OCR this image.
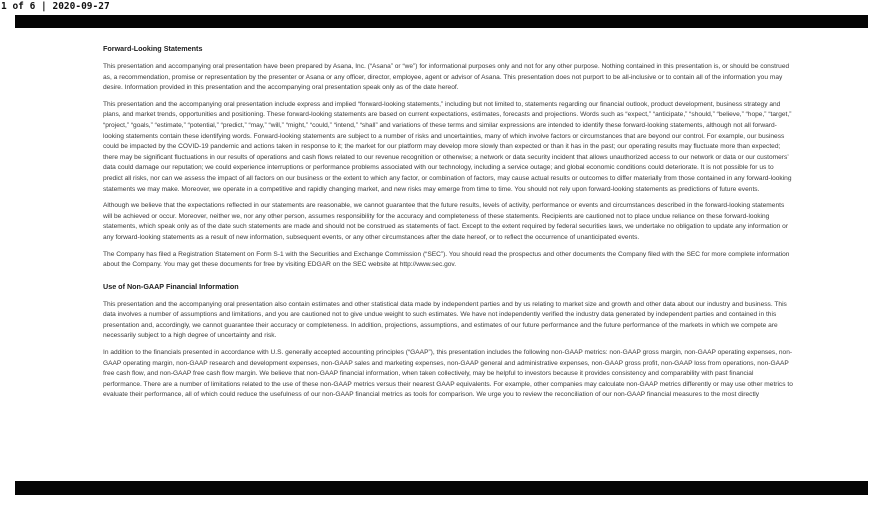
1 of 6 | 2020-09-27
Forward-Looking Statements

This presentation and accompanying oral presentation have been prepared by Asana, Inc. (“Asana” or “we”) for informational purposes only and not for any other purpose. Nothing contained in this presentation is, or should be construed as, a recommendation, promise or representation by the presenter or Asana or any officer, director, employee, agent or advisor of Asana. This presentation does not purport to be all-inclusive or to contain all of the information you may desire. Information provided in this presentation and the accompanying oral presentation speak only as of the date hereof.

This presentation and the accompanying oral presentation include express and implied “forward-looking statements,” including but not limited to, statements regarding our financial outlook, product development, business strategy and plans, and market trends, opportunities and positioning. These forward-looking statements are based on current expectations, estimates, forecasts and projections. Words such as “expect,” “anticipate,” “should,” “believe,” “hope,” “target,” “project,” “goals,” “estimate,” “potential,” “predict,” “may,” “will,” “might,” “could,” “intend,” “shall” and variations of these terms and similar expressions are intended to identify these forward-looking statements, although not all forward-looking statements contain these identifying words. Forward-looking statements are subject to a number of risks and uncertainties, many of which involve factors or circumstances that are beyond our control. For example, our business could be impacted by the COVID-19 pandemic and actions taken in response to it; the market for our platform may develop more slowly than expected or than it has in the past; our operating results may fluctuate more than expected; there may be significant fluctuations in our results of operations and cash flows related to our revenue recognition or otherwise; a network or data security incident that allows unauthorized access to our network or data or our customers’ data could damage our reputation; we could experience interruptions or performance problems associated with our technology, including a service outage; and global economic conditions could deteriorate. It is not possible for us to predict all risks, nor can we assess the impact of all factors on our business or the extent to which any factor, or combination of factors, may cause actual results or outcomes to differ materially from those contained in any forward-looking statements we may make. Moreover, we operate in a competitive and rapidly changing market, and new risks may emerge from time to time. You should not rely upon forward-looking statements as predictions of future events.

Although we believe that the expectations reflected in our statements are reasonable, we cannot guarantee that the future results, levels of activity, performance or events and circumstances described in the forward-looking statements will be achieved or occur. Moreover, neither we, nor any other person, assumes responsibility for the accuracy and completeness of these statements. Recipients are cautioned not to place undue reliance on these forward-looking statements, which speak only as of the date such statements are made and should not be construed as statements of fact. Except to the extent required by federal securities laws, we undertake no obligation to update any information or any forward-looking statements as a result of new information, subsequent events, or any other circumstances after the date hereof, or to reflect the occurrence of unanticipated events.

The Company has filed a Registration Statement on Form S-1 with the Securities and Exchange Commission (“SEC”). You should read the prospectus and other documents the Company filed with the SEC for more complete information about the Company. You may get these documents for free by visiting EDGAR on the SEC website at http://www.sec.gov.

Use of Non-GAAP Financial Information

This presentation and the accompanying oral presentation also contain estimates and other statistical data made by independent parties and by us relating to market size and growth and other data about our industry and business. This data involves a number of assumptions and limitations, and you are cautioned not to give undue weight to such estimates. We have not independently verified the industry data generated by independent parties and contained in this presentation and, accordingly, we cannot guarantee their accuracy or completeness. In addition, projections, assumptions, and estimates of our future performance and the future performance of the markets in which we compete are necessarily subject to a high degree of uncertainty and risk.

In addition to the financials presented in accordance with U.S. generally accepted accounting principles (“GAAP”), this presentation includes the following non-GAAP metrics: non-GAAP gross margin, non-GAAP operating expenses, non-GAAP operating margin, non-GAAP research and development expenses, non-GAAP sales and marketing expenses, non-GAAP general and administrative expenses, non-GAAP gross profit, non-GAAP loss from operations, non-GAAP free cash flow, and non-GAAP free cash flow margin. We believe that non-GAAP financial information, when taken collectively, may be helpful to investors because it provides consistency and comparability with past financial performance. There are a number of limitations related to the use of these non-GAAP metrics versus their nearest GAAP equivalents. For example, other companies may calculate non-GAAP metrics differently or may use other metrics to evaluate their performance, all of which could reduce the usefulness of our non-GAAP financial metrics as tools for comparison. We urge you to review the reconciliation of our non-GAAP financial measures to the most directly
